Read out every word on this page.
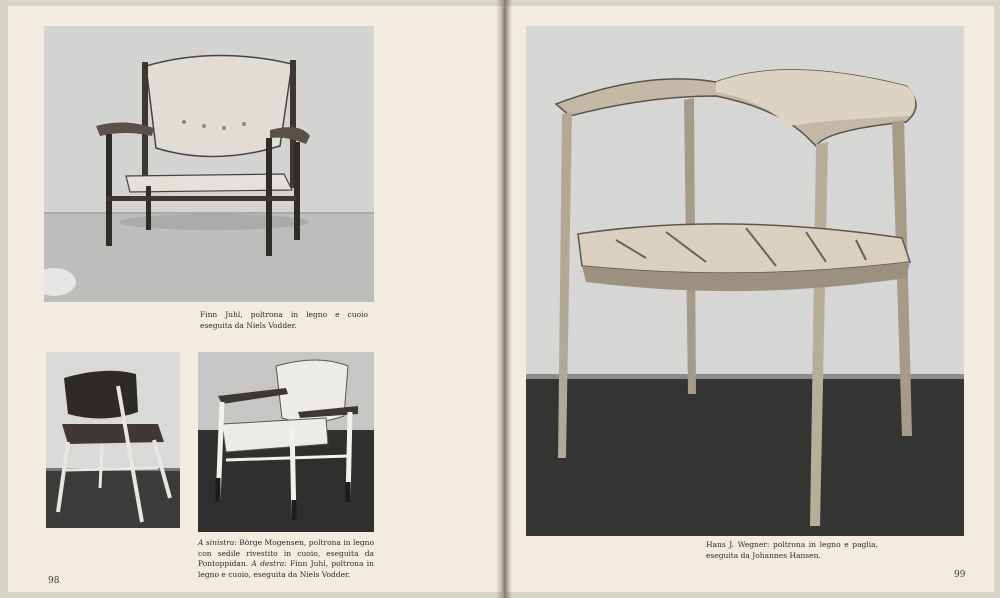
Finn Juhl, poltrona in legno e cuoio eseguita da Niels Vodder.
A sinistra: Börge Mogensen, poltrona in legno con sedile rivestito in cuoio, eseguita da Pontoppidan. A destra: Finn Juhl, poltrona in legno e cuoio, eseguita da Niels Vodder.
98
Hans J. Wegner: poltrona in legno e paglia, eseguita da Johannes Hansen.
99
